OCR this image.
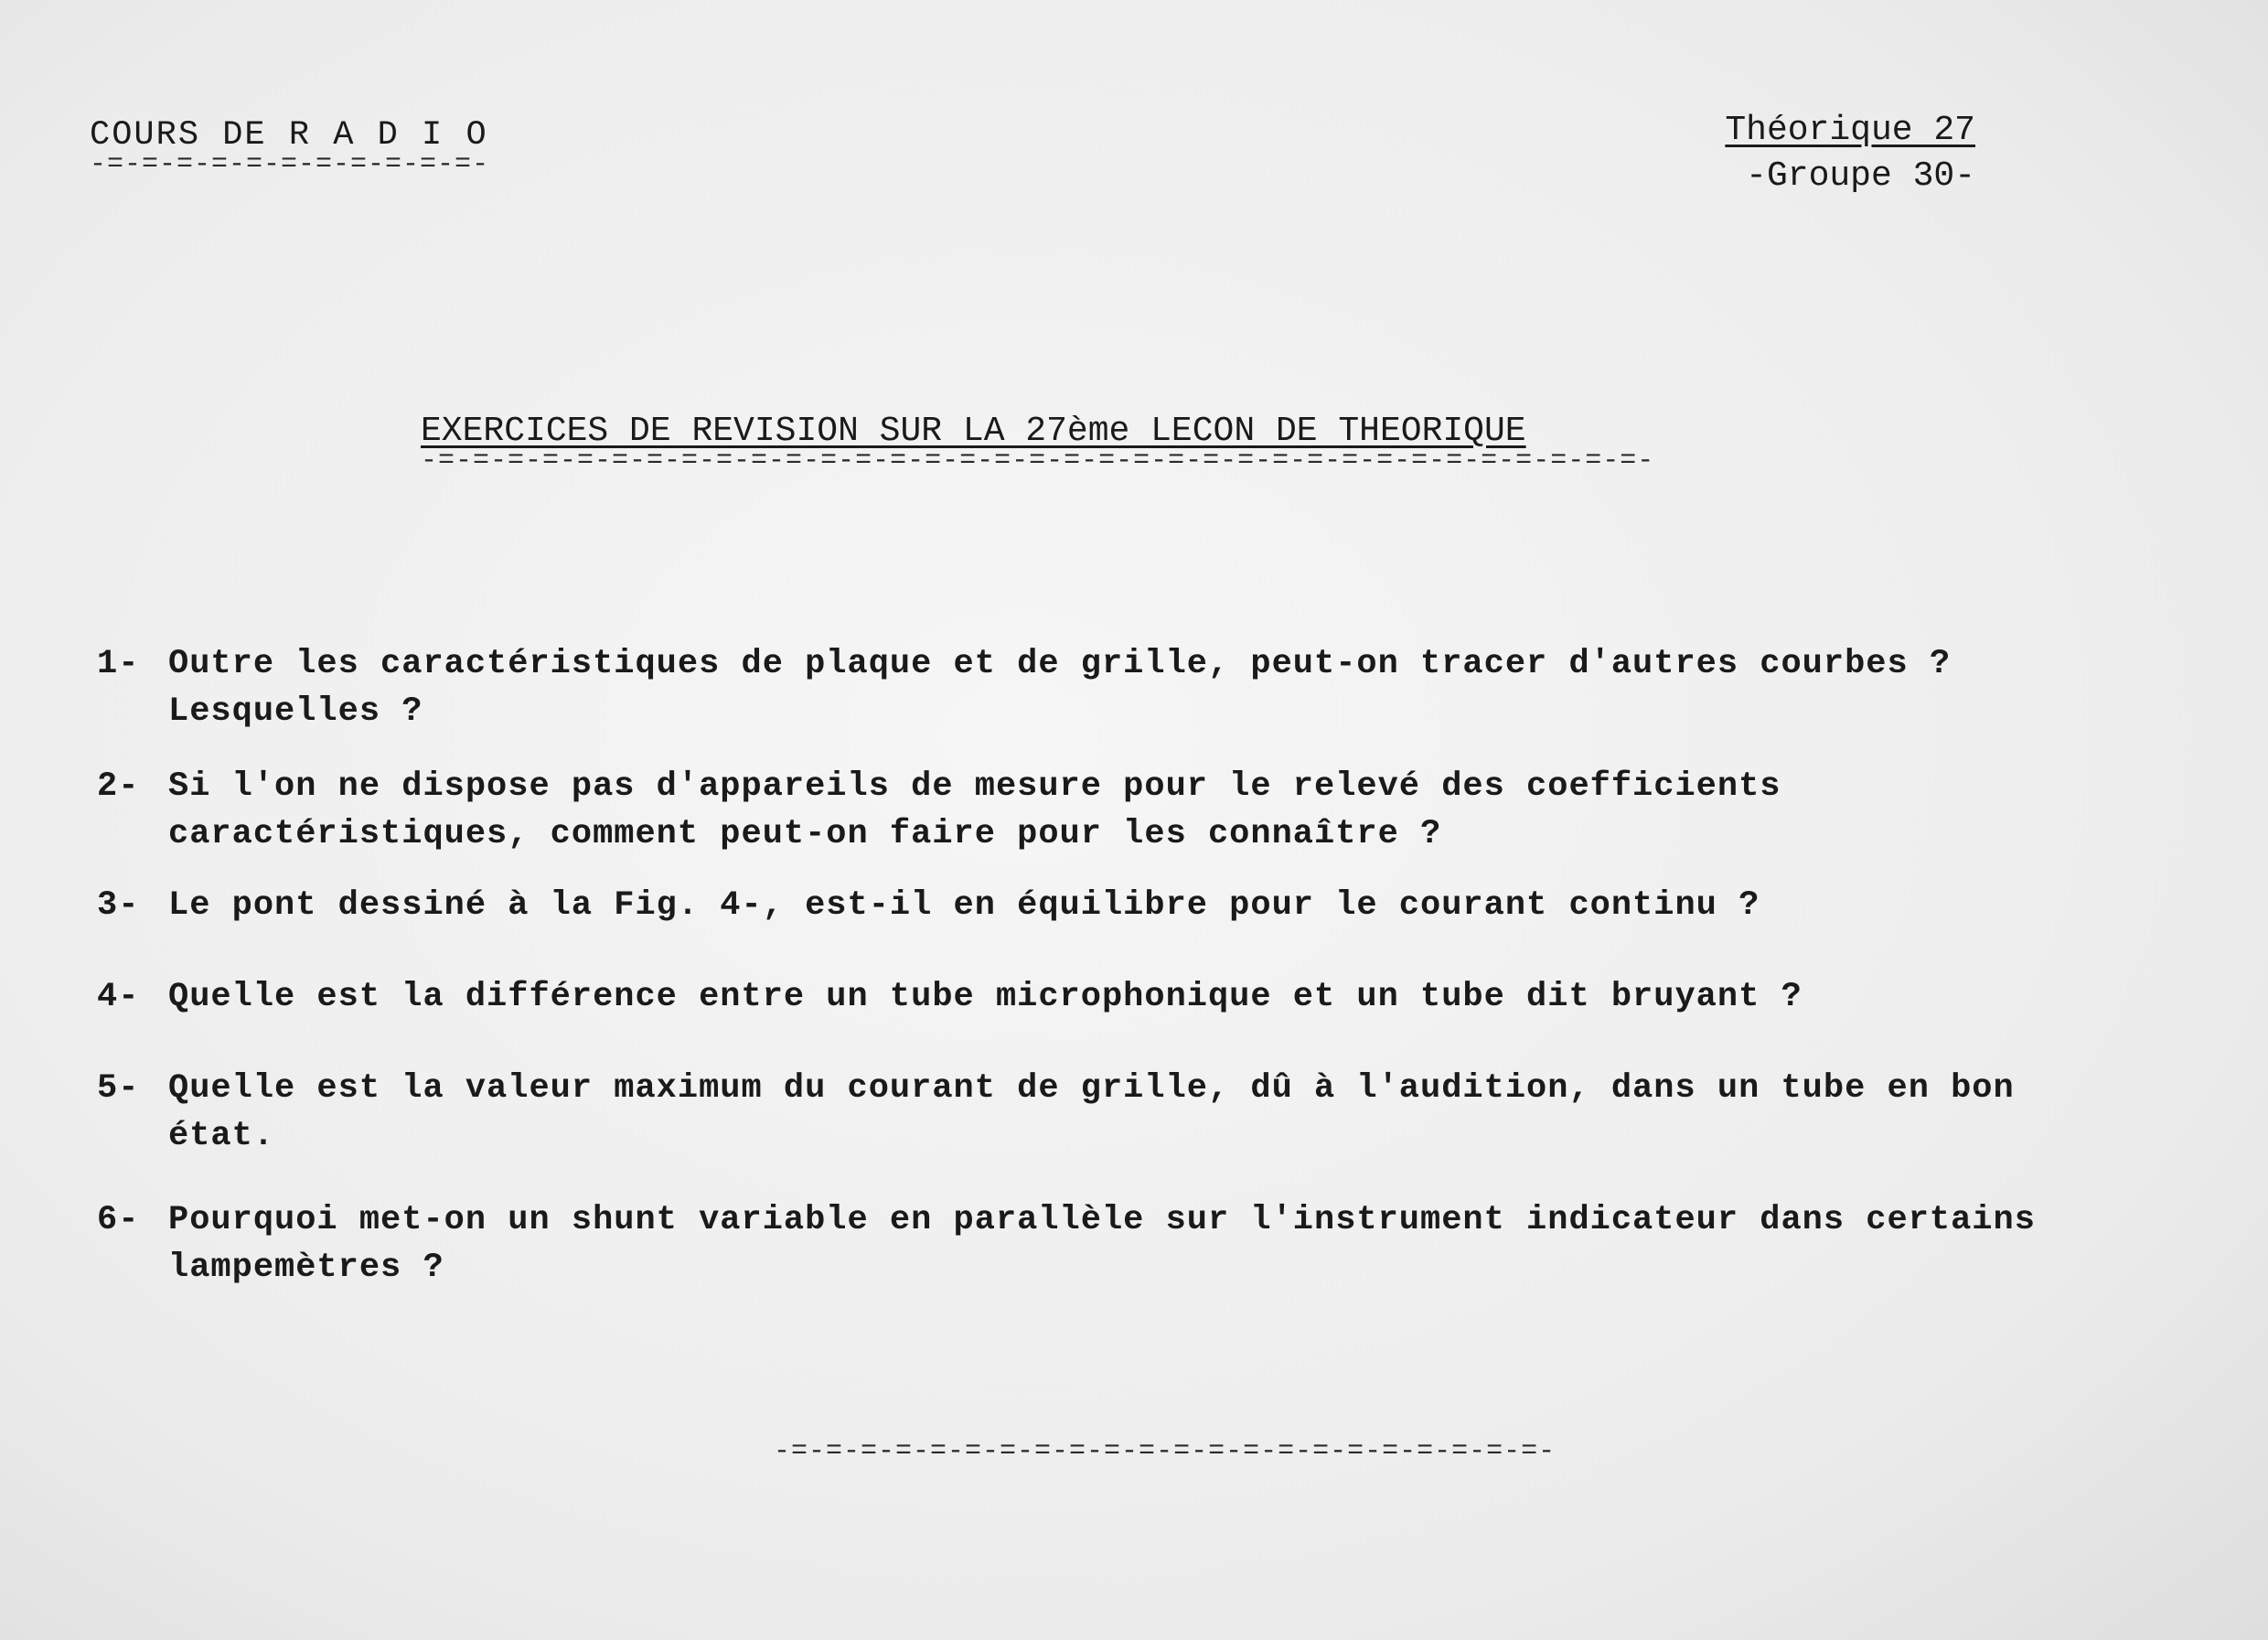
COURS DE R A D I O
-=-=-=-=-=-=-=-=-=-=-=-
Théorique 27
-Groupe 30-
EXERCICES DE REVISION SUR LA 27ème LECON DE THEORIQUE
-=-=-=-=-=-=-=-=-=-=-=-=-=-=-=-=-=-=-=-=-=-=-=-=-=-=-=-=-=-=-=-=-=-=-=-
1- Outre les caractéristiques de plaque et de grille, peut-on tracer d'autres courbes ? Lesquelles ?
2- Si l'on ne dispose pas d'appareils de mesure pour le relevé des coefficients caractéristiques, comment peut-on faire pour les connaître ?
3- Le pont dessiné à la Fig. 4-, est-il en équilibre pour le courant continu ?
4- Quelle est la différence entre un tube microphonique et un tube dit bruyant ?
5- Quelle est la valeur maximum du courant de grille, dû à l'audition, dans un tube en bon état.
6- Pourquoi met-on un shunt variable en parallèle sur l'instrument indicateur dans certains lampemètres ?
-=-=-=-=-=-=-=-=-=-=-=-=-=-=-=-=-=-=-=-=-=-=-
